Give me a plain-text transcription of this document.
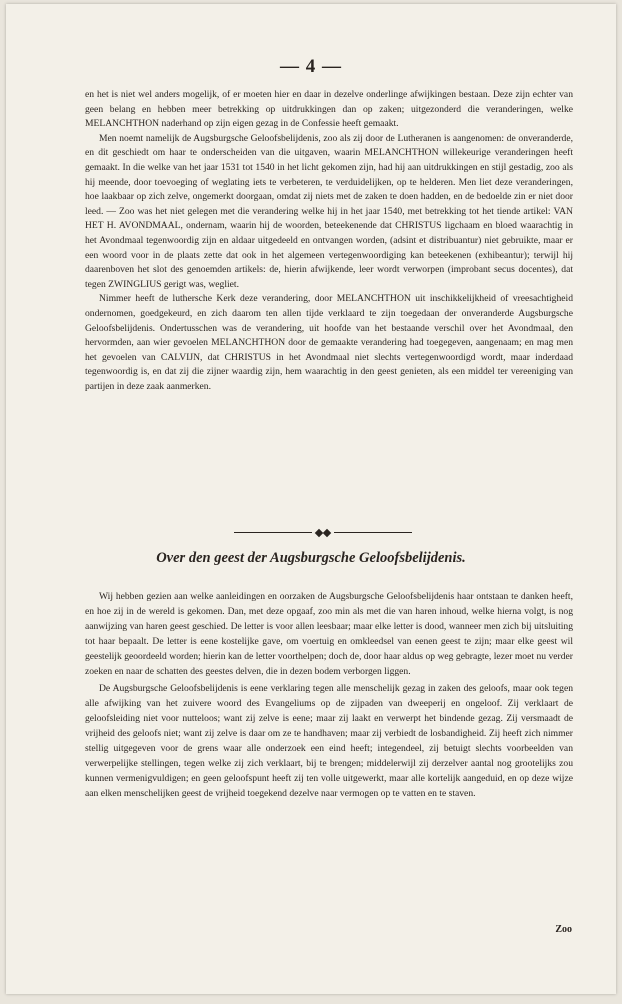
— 4 —

en het is niet wel anders mogelijk, of er moeten hier en daar in dezelve onderlinge afwijkingen bestaan. Deze zijn echter van geen belang en hebben meer betrekking op uitdrukkingen dan op zaken; uitgezonderd die veranderingen, welke MELANCHTHON naderhand op zijn eigen gezag in de Confessie heeft gemaakt.

Men noemt namelijk de Augsburgsche Geloofsbelijdenis, zoo als zij door de Lutheranen is aangenomen: de onveranderde, en dit geschiedt om haar te onderscheiden van die uitgaven, waarin MELANCHTHON willekeurige veranderingen heeft gemaakt. In die welke van het jaar 1531 tot 1540 in het licht gekomen zijn, had hij aan uitdrukkingen en stijl gestadig, zoo als hij meende, door toevoeging of weglating iets te verbeteren, te verduidelijken, op te helderen. Men liet deze veranderingen, hoe laakbaar op zich zelve, ongemerkt doorgaan, omdat zij niets met de zaken te doen hadden, en de bedoelde zin er niet door leed. — Zoo was het niet gelegen met die verandering welke hij in het jaar 1540, met betrekking tot het tiende artikel: VAN HET H. AVONDMAAL, ondernam, waarin hij de woorden, beteekenende dat CHRISTUS ligchaam en bloed waarachtig in het Avondmaal tegenwoordig zijn en aldaar uitgedeeld en ontvangen worden, (adsint et distribuantur) niet gebruikte, maar er een woord voor in de plaats zette dat ook in het algemeen vertegenwoordiging kan beteekenen (exhibeantur); terwijl hij daarenboven het slot des genoemden artikels: de, hierin afwijkende, leer wordt verworpen (improbant secus docentes), dat tegen ZWINGLIUS gerigt was, wegliet.

Nimmer heeft de luthersche Kerk deze verandering, door MELANCHTHON uit inschikkelijkheid of vreesachtigheid ondernomen, goedgekeurd, en zich daarom ten allen tijde verklaard te zijn toegedaan der onveranderde Augsburgsche Geloofsbelijdenis. Ondertusschen was de verandering, uit hoofde van het bestaande verschil over het Avondmaal, den hervormden, aan wier gevoelen MELANCHTHON door de gemaakte verandering had toegegeven, aangenaam; en mag men het gevoelen van CALVIJN, dat CHRISTUS in het Avondmaal niet slechts vertegenwoordigd wordt, maar inderdaad tegenwoordig is, en dat zij die zijner waardig zijn, hem waarachtig in den geest genieten, als een middel ter vereeniging van partijen in deze zaak aanmerken.

Over den geest der Augsburgsche Geloofsbelijdenis.

Wij hebben gezien aan welke aanleidingen en oorzaken de Augsburgsche Geloofsbelijdenis haar ontstaan te danken heeft, en hoe zij in de wereld is gekomen. Dan, met deze opgaaf, zoo min als met die van haren inhoud, welke hierna volgt, is nog aanwijzing van haren geest geschied. De letter is voor allen leesbaar; maar elke letter is dood, wanneer men zich bij uitsluiting tot haar bepaalt. De letter is eene kostelijke gave, om voertuig en omkleedsel van eenen geest te zijn; maar elke geest wil geestelijk geoordeeld worden; hierin kan de letter voorthelpen; doch de, door haar aldus op weg gebragte, lezer moet nu verder zoeken en naar de schatten des geestes delven, die in dezen bodem verborgen liggen.

De Augsburgsche Geloofsbelijdenis is eene verklaring tegen alle menschelijk gezag in zaken des geloofs, maar ook tegen alle afwijking van het zuivere woord des Evangeliums op de zijpaden van dweeperij en ongeloof. Zij verklaart de geloofsleiding niet voor nutteloos; want zij zelve is eene; maar zij laakt en verwerpt het bindende gezag. Zij versmaadt de vrijheid des geloofs niet; want zij zelve is daar om ze te handhaven; maar zij verbiedt de losbandigheid. Zij heeft zich nimmer stellig uitgegeven voor de grens waar alle onderzoek een eind heeft; integendeel, zij betuigt slechts voorbeelden van verwerpelijke stellingen, tegen welke zij zich verklaart, bij te brengen; middelerwijl zij derzelver aantal nog grootelijks zou kunnen vermenigvuldigen; en geen geloofspunt heeft zij ten volle uitgewerkt, maar alle kortelijk aangeduid, en op deze wijze aan elken menschelijken geest de vrijheid toegekend dezelve naar vermogen op te vatten en te staven.

Zoo
